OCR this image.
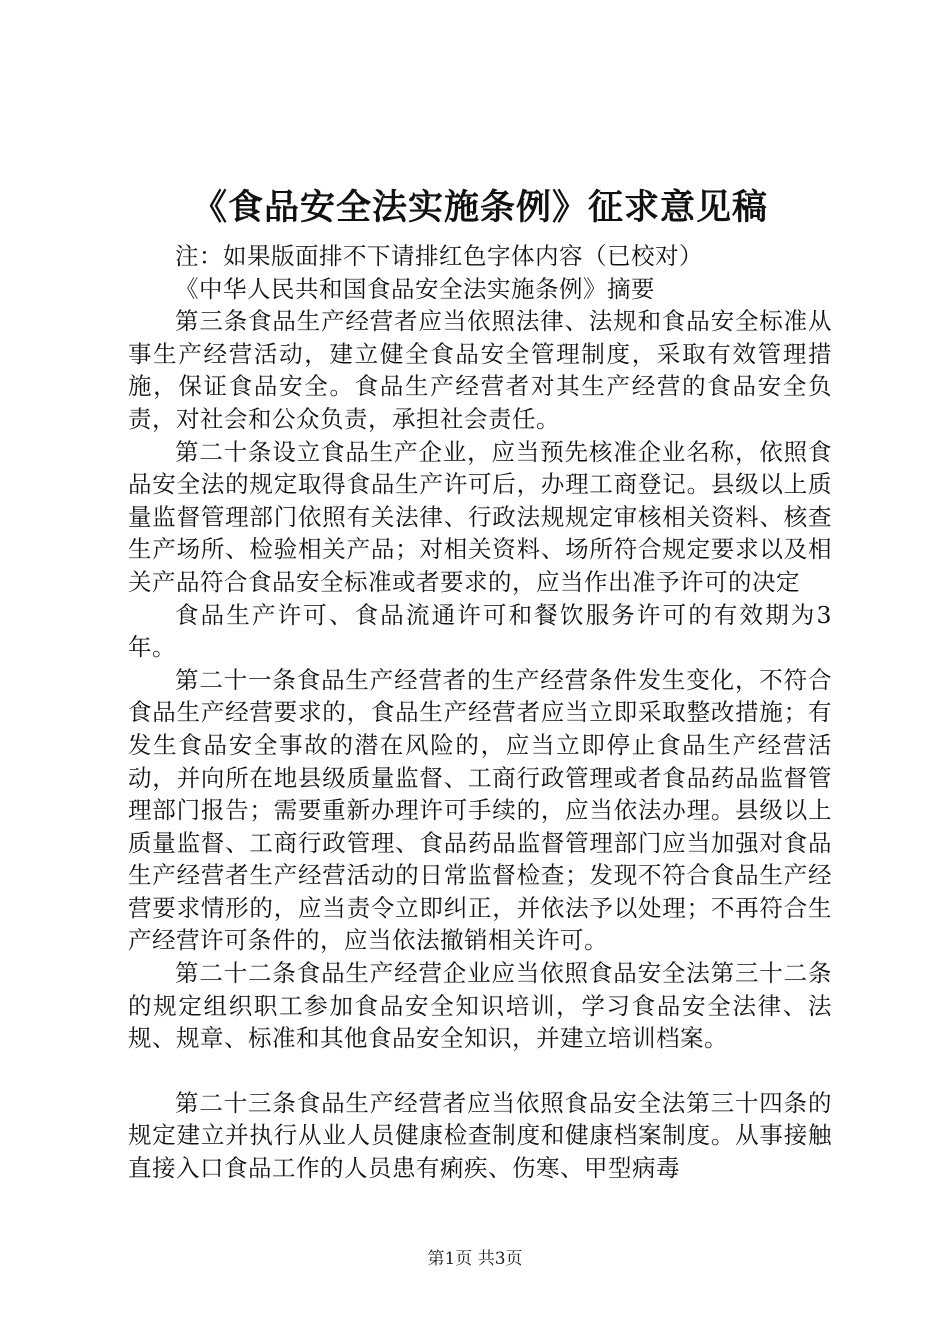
《食品安全法实施条例》征求意见稿

注：如果版面排不下请排红色字体内容（已校对）

《中华人民共和国食品安全法实施条例》摘要

第三条食品生产经营者应当依照法律、法规和食品安全标准从事生产经营活动，建立健全食品安全管理制度，采取有效管理措施，保证食品安全。食品生产经营者对其生产经营的食品安全负责，对社会和公众负责，承担社会责任。

第二十条设立食品生产企业，应当预先核准企业名称，依照食品安全法的规定取得食品生产许可后，办理工商登记。县级以上质量监督管理部门依照有关法律、行政法规规定审核相关资料、核查生产场所、检验相关产品；对相关资料、场所符合规定要求以及相关产品符合食品安全标准或者要求的，应当作出准予许可的决定

食品生产许可、食品流通许可和餐饮服务许可的有效期为3年。

第二十一条食品生产经营者的生产经营条件发生变化，不符合食品生产经营要求的，食品生产经营者应当立即采取整改措施；有发生食品安全事故的潜在风险的，应当立即停止食品生产经营活动，并向所在地县级质量监督、工商行政管理或者食品药品监督管理部门报告；需要重新办理许可手续的，应当依法办理。县级以上质量监督、工商行政管理、食品药品监督管理部门应当加强对食品生产经营者生产经营活动的日常监督检查；发现不符合食品生产经营要求情形的，应当责令立即纠正，并依法予以处理；不再符合生产经营许可条件的，应当依法撤销相关许可。

第二十二条食品生产经营企业应当依照食品安全法第三十二条的规定组织职工参加食品安全知识培训，学习食品安全法律、法规、规章、标准和其他食品安全知识，并建立培训档案。

第二十三条食品生产经营者应当依照食品安全法第三十四条的规定建立并执行从业人员健康检查制度和健康档案制度。从事接触直接入口食品工作的人员患有痢疾、伤寒、甲型病毒

第1页 共3页
